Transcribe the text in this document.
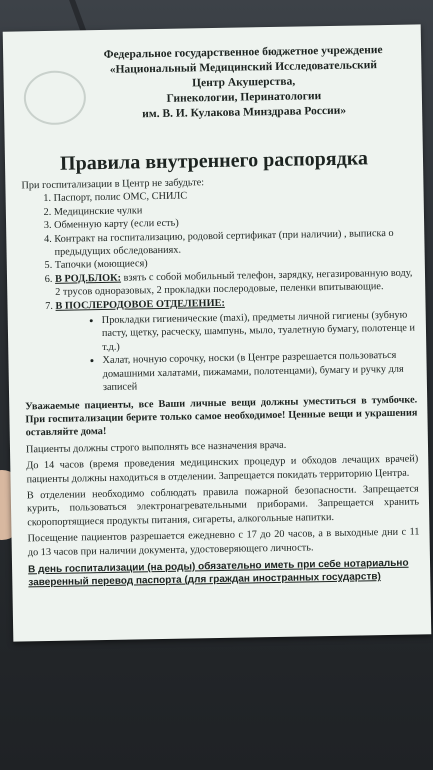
Федеральное государственное бюджетное учреждение
«Национальный Медицинский Исследовательский
Центр Акушерства,
Гинекологии, Перинатологии
им. В. И. Кулакова Минздрава России»
Правила внутреннего распорядка
При госпитализации в Центр не забудьте:
1. Паспорт, полис ОМС, СНИЛС
2. Медицинские чулки
3. Обменную карту (если есть)
4. Контракт на госпитализацию, родовой сертификат (при наличии) , выписка о предыдущих обследованиях.
5. Тапочки (моющиеся)
6. В РОД.БЛОК: взять с собой мобильный телефон, зарядку, негазированную воду, 2 трусов одноразовых, 2 прокладки послеродовые, пеленки впитывающие.
7. В ПОСЛЕРОДОВОЕ ОТДЕЛЕНИЕ:
• Прокладки гигиенические (maxi), предметы личной гигиены (зубную пасту, щетку, расческу, шампунь, мыло, туалетную бумагу, полотенце и т.д.)
• Халат, ночную сорочку, носки (в Центре разрешается пользоваться домашними халатами, пижамами, полотенцами), бумагу и ручку для записей

Уважаемые пациенты, все Ваши личные вещи должны уместиться в тумбочке. При госпитализации берите только самое необходимое! Ценные вещи и украшения оставляйте дома!

Пациенты должны строго выполнять все назначения врача.

До 14 часов (время проведения медицинских процедур и обходов лечащих врачей) пациенты должны находиться в отделении. Запрещается покидать территорию Центра.

В отделении необходимо соблюдать правила пожарной безопасности. Запрещается курить, пользоваться электронагревательными приборами. Запрещается хранить скоропортящиеся продукты питания, сигареты, алкогольные напитки.

Посещение пациентов разрешается ежедневно с 17 до 20 часов, а в выходные дни с 11 до 13 часов при наличии документа, удостоверяющего личность.

В день госпитализации (на роды) обязательно иметь при себе нотариально заверенный перевод паспорта (для граждан иностранных государств)
